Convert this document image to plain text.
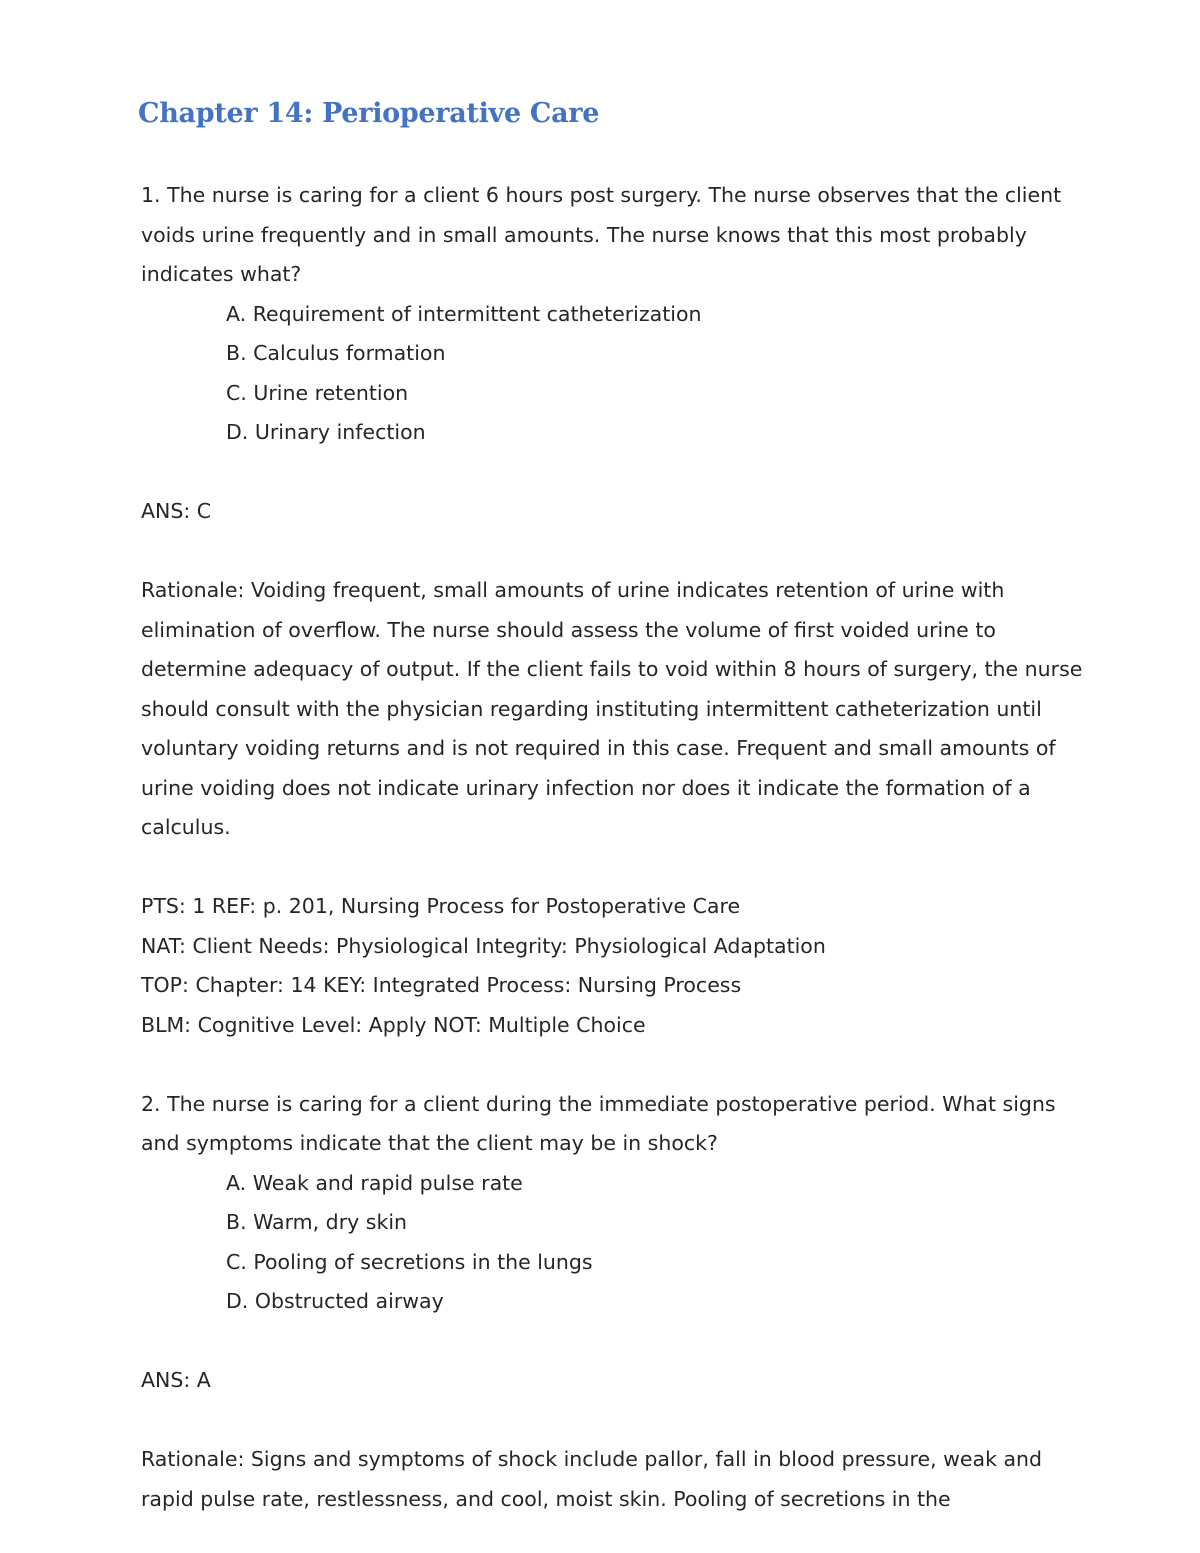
Chapter 14: Perioperative Care

1. The nurse is caring for a client 6 hours post surgery. The nurse observes that the client voids urine frequently and in small amounts. The nurse knows that this most probably indicates what?

A. Requirement of intermittent catheterization
B. Calculus formation
C. Urine retention
D. Urinary infection

ANS: C

Rationale: Voiding frequent, small amounts of urine indicates retention of urine with elimination of overflow. The nurse should assess the volume of first voided urine to determine adequacy of output. If the client fails to void within 8 hours of surgery, the nurse should consult with the physician regarding instituting intermittent catheterization until voluntary voiding returns and is not required in this case. Frequent and small amounts of urine voiding does not indicate urinary infection nor does it indicate the formation of a calculus.

PTS: 1 REF: p. 201, Nursing Process for Postoperative Care

NAT: Client Needs: Physiological Integrity: Physiological Adaptation

TOP: Chapter: 14 KEY: Integrated Process: Nursing Process

BLM: Cognitive Level: Apply NOT: Multiple Choice

2. The nurse is caring for a client during the immediate postoperative period. What signs and symptoms indicate that the client may be in shock?

A. Weak and rapid pulse rate
B. Warm, dry skin
C. Pooling of secretions in the lungs
D. Obstructed airway

ANS: A

Rationale: Signs and symptoms of shock include pallor, fall in blood pressure, weak and rapid pulse rate, restlessness, and cool, moist skin. Pooling of secretions in the
